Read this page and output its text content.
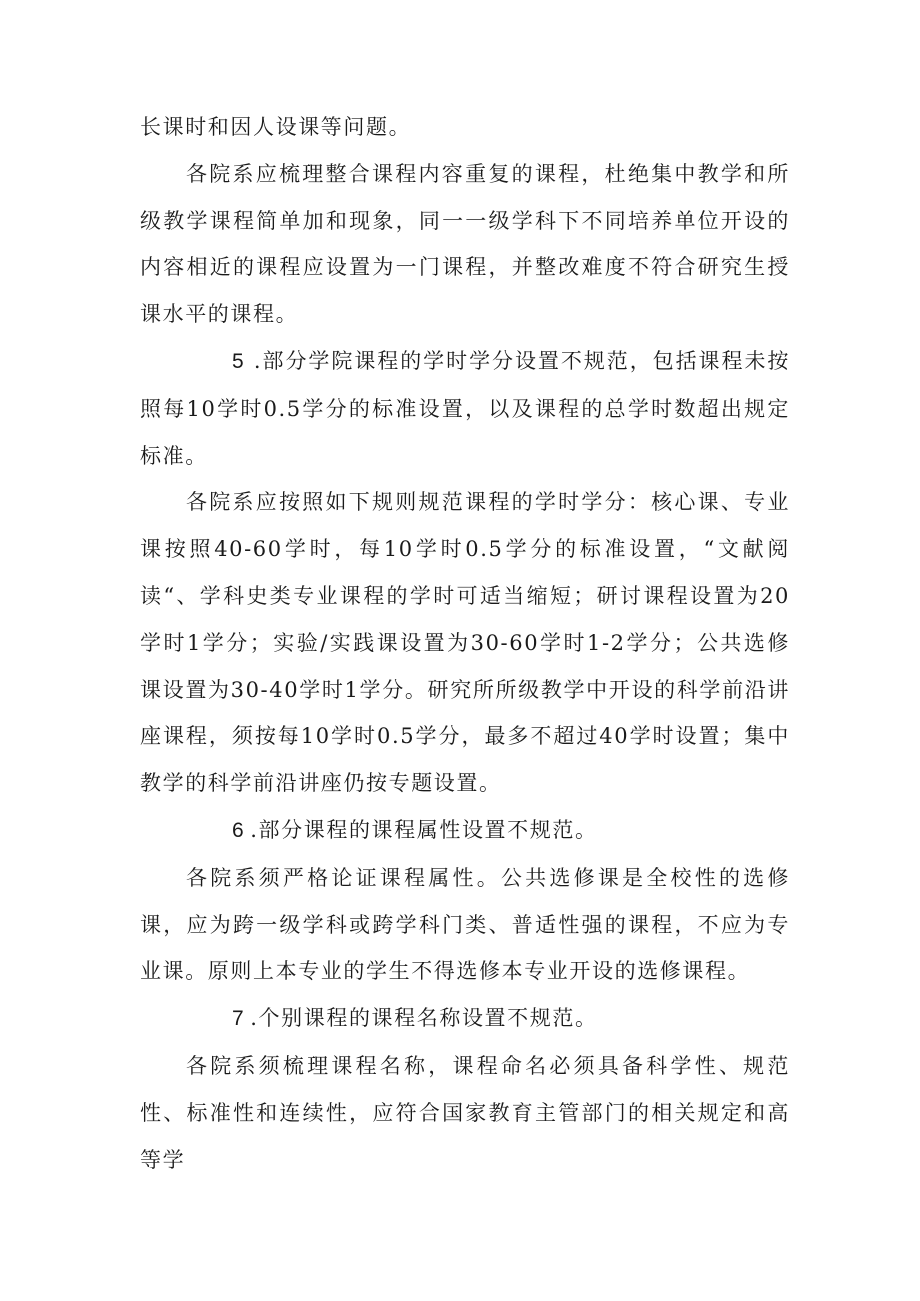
长课时和因人设课等问题。

各院系应梳理整合课程内容重复的课程，杜绝集中教学和所级教学课程简单加和现象，同一一级学科下不同培养单位开设的内容相近的课程应设置为一门课程，并整改难度不符合研究生授课水平的课程。

5 .部分学院课程的学时学分设置不规范，包括课程未按照每10学时0.5学分的标准设置，以及课程的总学时数超出规定标准。

各院系应按照如下规则规范课程的学时学分：核心课、专业课按照40-60学时，每10学时0.5学分的标准设置，“文献阅读“、学科史类专业课程的学时可适当缩短；研讨课程设置为20学时1学分；实验/实践课设置为30-60学时1-2学分；公共选修课设置为30-40学时1学分。研究所所级教学中开设的科学前沿讲座课程，须按每10学时0.5学分，最多不超过40学时设置；集中教学的科学前沿讲座仍按专题设置。

6 .部分课程的课程属性设置不规范。

各院系须严格论证课程属性。公共选修课是全校性的选修课，应为跨一级学科或跨学科门类、普适性强的课程，不应为专业课。原则上本专业的学生不得选修本专业开设的选修课程。

7 .个别课程的课程名称设置不规范。

各院系须梳理课程名称，课程命名必须具备科学性、规范性、标准性和连续性，应符合国家教育主管部门的相关规定和高等学
